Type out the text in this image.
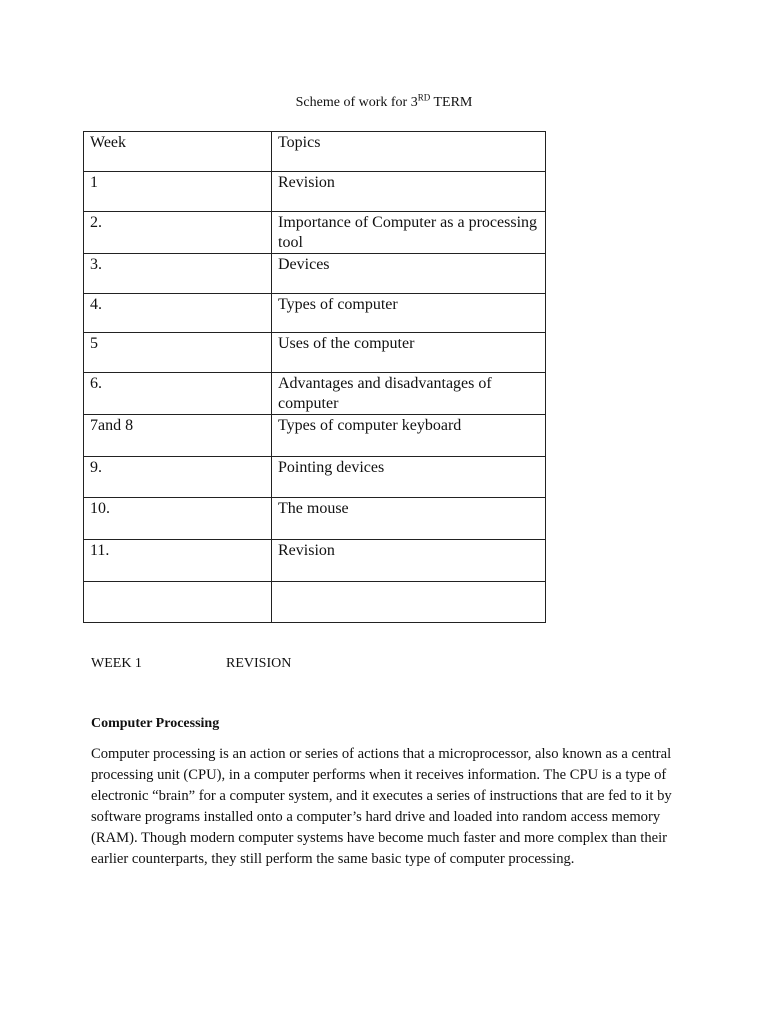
Scheme of work for 3RD TERM
Week	Topics
1	Revision
2.	Importance of Computer as a processing tool
3.	Devices
4.	Types of computer
5	Uses of the computer
6.	Advantages and disadvantages of computer
7and 8	Types of computer keyboard
9.	Pointing devices
10.	The mouse
11.	Revision

WEEK 1	REVISION
Computer Processing

Computer processing is an action or series of actions that a microprocessor, also known as a central processing unit (CPU), in a computer performs when it receives information. The CPU is a type of electronic “brain” for a computer system, and it executes a series of instructions that are fed to it by software programs installed onto a computer’s hard drive and loaded into random access memory (RAM). Though modern computer systems have become much faster and more complex than their earlier counterparts, they still perform the same basic type of computer processing.
